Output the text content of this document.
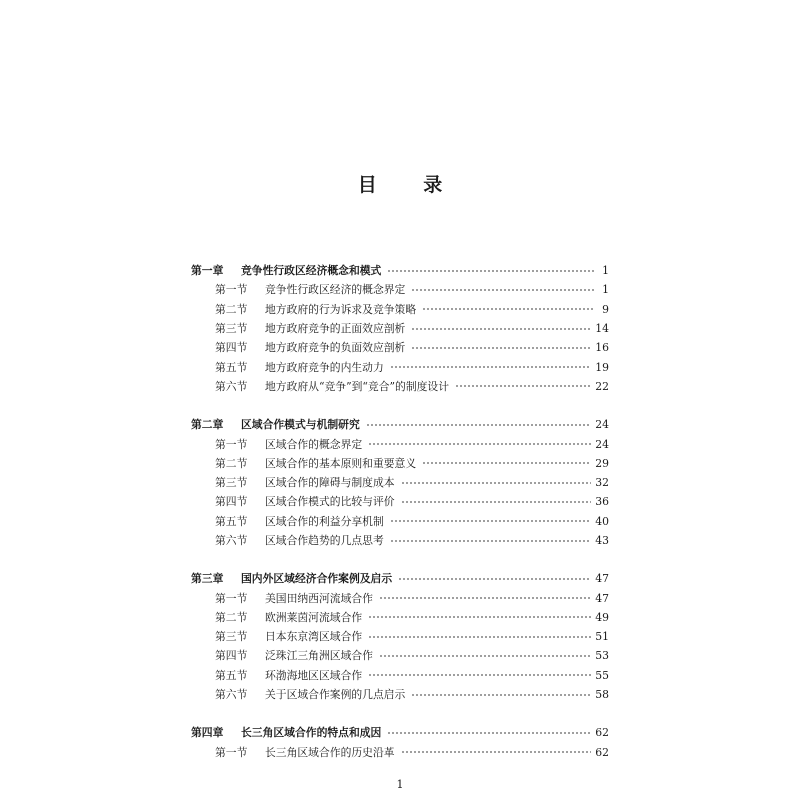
目 录
第一章	竞争性行政区经济概念和模式	1
第一节	竞争性行政区经济的概念界定	1
第二节	地方政府的行为诉求及竞争策略	9
第三节	地方政府竞争的正面效应剖析	14
第四节	地方政府竞争的负面效应剖析	16
第五节	地方政府竞争的内生动力	19
第六节	地方政府从“竞争”到“竞合”的制度设计	22
第二章	区域合作模式与机制研究	24
第一节	区域合作的概念界定	24
第二节	区域合作的基本原则和重要意义	29
第三节	区域合作的障碍与制度成本	32
第四节	区域合作模式的比较与评价	36
第五节	区域合作的利益分享机制	40
第六节	区域合作趋势的几点思考	43
第三章	国内外区域经济合作案例及启示	47
第一节	美国田纳西河流域合作	47
第二节	欧洲莱茵河流域合作	49
第三节	日本东京湾区域合作	51
第四节	泛珠江三角洲区域合作	53
第五节	环渤海地区区域合作	55
第六节	关于区域合作案例的几点启示	58
第四章	长三角区域合作的特点和成因	62
第一节	长三角区域合作的历史沿革	62
1
